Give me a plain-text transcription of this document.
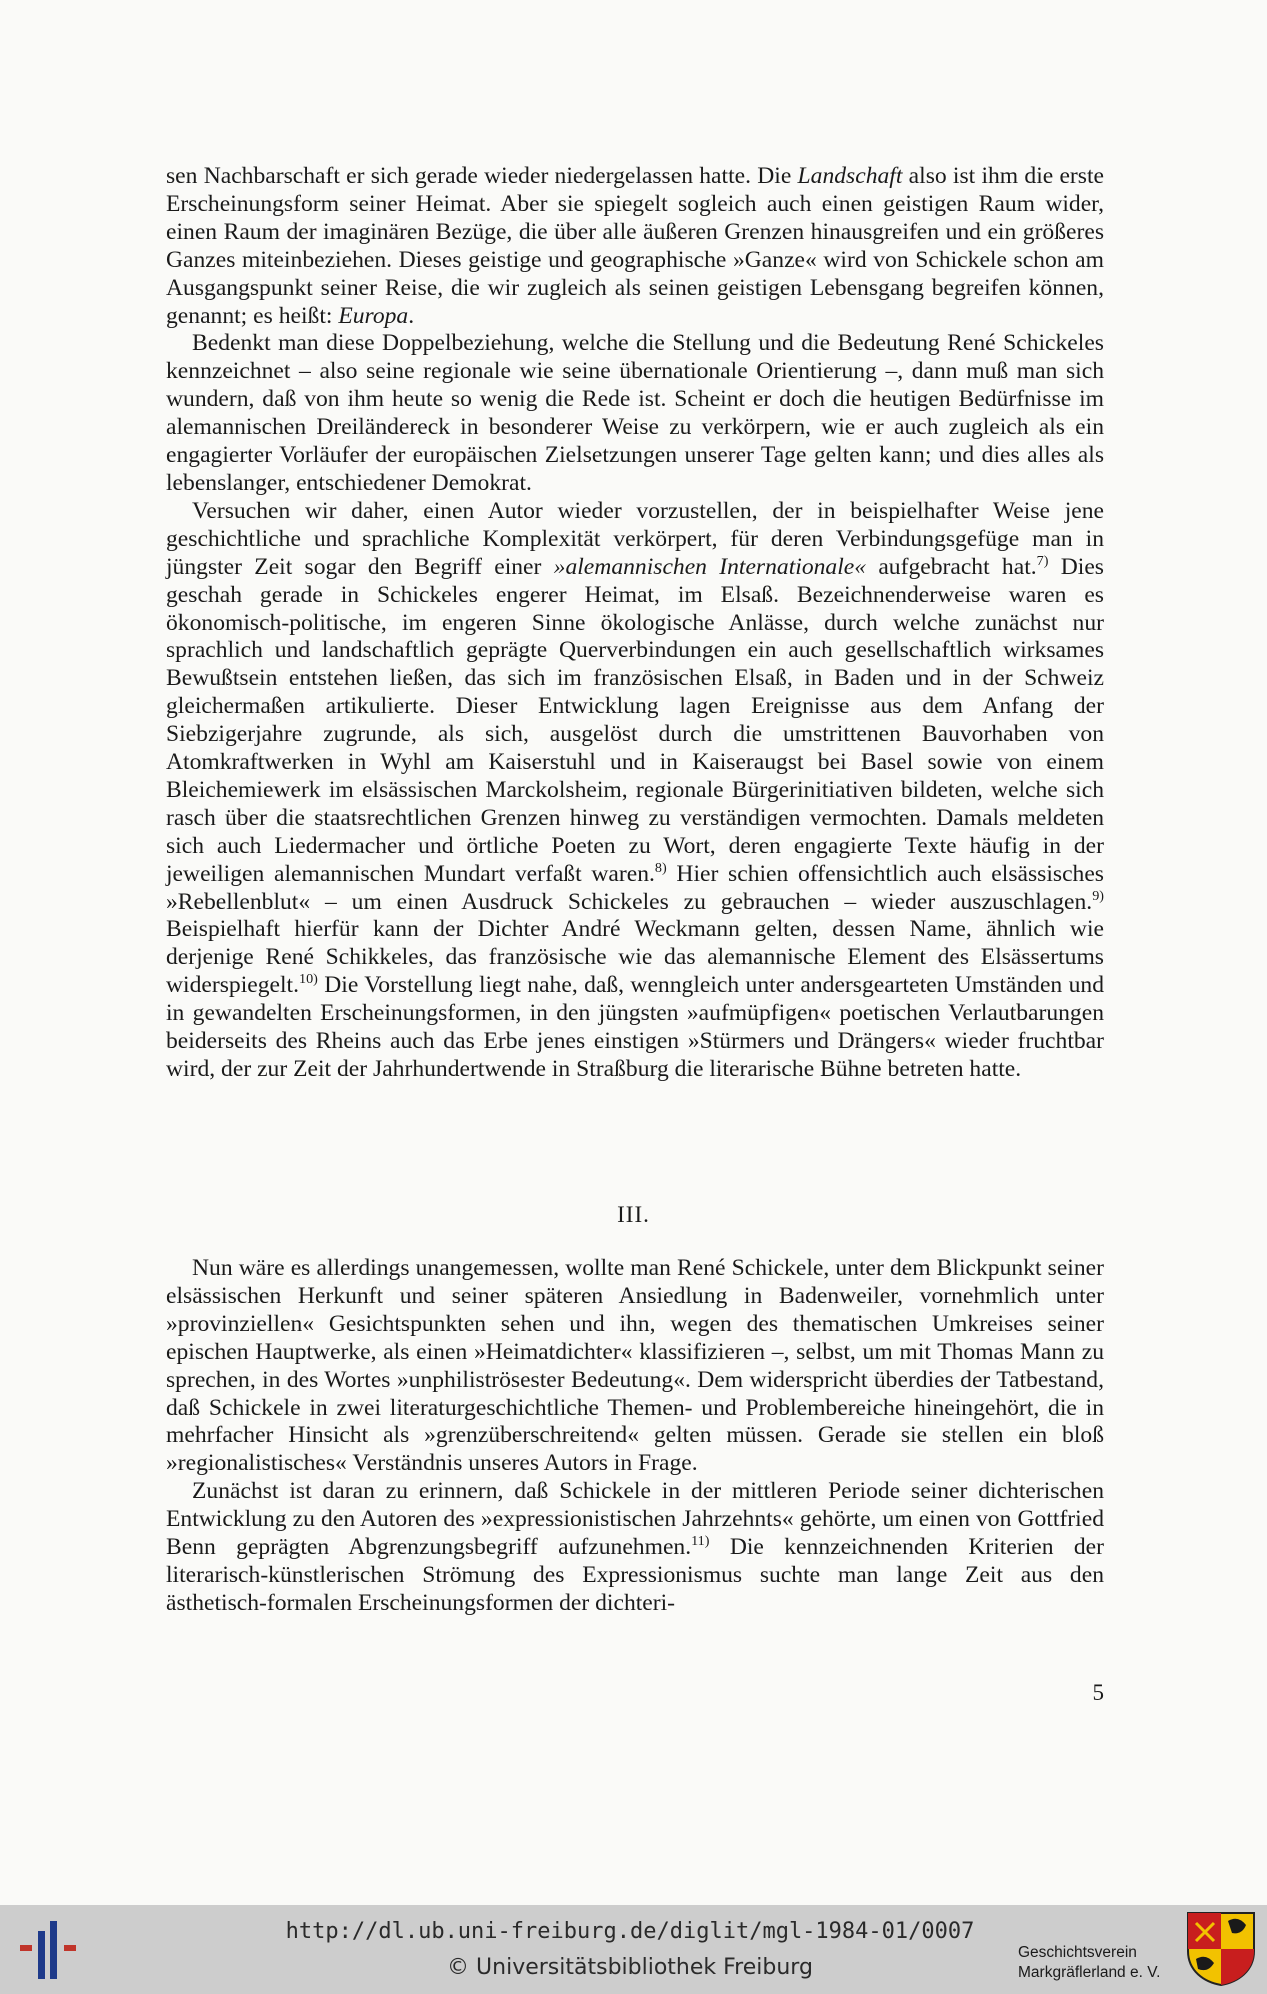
sen Nachbarschaft er sich gerade wieder niedergelassen hatte. Die Landschaft also ist ihm die erste Erscheinungsform seiner Heimat. Aber sie spiegelt sogleich auch einen geistigen Raum wider, einen Raum der imaginären Bezüge, die über alle äußeren Grenzen hinausgreifen und ein größeres Ganzes miteinbeziehen. Dieses geistige und geographische »Ganze« wird von Schickele schon am Ausgangspunkt seiner Reise, die wir zugleich als seinen geistigen Lebensgang begreifen können, genannt; es heißt: Europa.

Bedenkt man diese Doppelbeziehung, welche die Stellung und die Bedeutung René Schickeles kennzeichnet – also seine regionale wie seine übernationale Orientierung –, dann muß man sich wundern, daß von ihm heute so wenig die Rede ist. Scheint er doch die heutigen Bedürfnisse im alemannischen Dreiländereck in besonderer Weise zu verkörpern, wie er auch zugleich als ein engagierter Vorläufer der europäischen Zielsetzungen unserer Tage gelten kann; und dies alles als lebenslanger, entschiedener Demokrat.

Versuchen wir daher, einen Autor wieder vorzustellen, der in beispielhafter Weise jene geschichtliche und sprachliche Komplexität verkörpert, für deren Verbindungsgefüge man in jüngster Zeit sogar den Begriff einer »alemannischen Internationale« aufgebracht hat.$^{7)}$ Dies geschah gerade in Schickeles engerer Heimat, im Elsaß. Bezeichnenderweise waren es ökonomisch-politische, im engeren Sinne ökologische Anlässe, durch welche zunächst nur sprachlich und landschaftlich geprägte Querverbindungen ein auch gesellschaftlich wirksames Bewußtsein entstehen ließen, das sich im französischen Elsaß, in Baden und in der Schweiz gleichermaßen artikulierte. Dieser Entwicklung lagen Ereignisse aus dem Anfang der Siebzigerjahre zugrunde, als sich, ausgelöst durch die umstrittenen Bauvorhaben von Atomkraftwerken in Wyhl am Kaiserstuhl und in Kaiseraugst bei Basel sowie von einem Bleichemiewerk im elsässischen Marckolsheim, regionale Bürgerinitiativen bildeten, welche sich rasch über die staatsrechtlichen Grenzen hinweg zu verständigen vermochten. Damals meldeten sich auch Liedermacher und örtliche Poeten zu Wort, deren engagierte Texte häufig in der jeweiligen alemannischen Mundart verfaßt waren.$^{8)}$ Hier schien offensichtlich auch elsässisches »Rebellenblut« – um einen Ausdruck Schickeles zu gebrauchen – wieder auszuschlagen.$^{9)}$ Beispielhaft hierfür kann der Dichter André Weckmann gelten, dessen Name, ähnlich wie derjenige René Schikkeles, das französische wie das alemannische Element des Elsässertums widerspiegelt.$^{10)}$ Die Vorstellung liegt nahe, daß, wenngleich unter andersgearteten Umständen und in gewandelten Erscheinungsformen, in den jüngsten »aufmüpfigen« poetischen Verlautbarungen beiderseits des Rheins auch das Erbe jenes einstigen »Stürmers und Drängers« wieder fruchtbar wird, der zur Zeit der Jahrhundertwende in Straßburg die literarische Bühne betreten hatte.

III.

Nun wäre es allerdings unangemessen, wollte man René Schickele, unter dem Blickpunkt seiner elsässischen Herkunft und seiner späteren Ansiedlung in Badenweiler, vornehmlich unter »provinziellen« Gesichtspunkten sehen und ihn, wegen des thematischen Umkreises seiner epischen Hauptwerke, als einen »Heimatdichter« klassifizieren –, selbst, um mit Thomas Mann zu sprechen, in des Wortes »unphiliströsester Bedeutung«. Dem widerspricht überdies der Tatbestand, daß Schickele in zwei literaturgeschichtliche Themen- und Problembereiche hineingehört, die in mehrfacher Hinsicht als »grenzüberschreitend« gelten müssen. Gerade sie stellen ein bloß »regionalistisches« Verständnis unseres Autors in Frage.

Zunächst ist daran zu erinnern, daß Schickele in der mittleren Periode seiner dichterischen Entwicklung zu den Autoren des »expressionistischen Jahrzehnts« gehörte, um einen von Gottfried Benn geprägten Abgrenzungsbegriff aufzunehmen.$^{11)}$ Die kennzeichnenden Kriterien der literarisch-künstlerischen Strömung des Expressionismus suchte man lange Zeit aus den ästhetisch-formalen Erscheinungsformen der dichteri-

5
http://dl.ub.uni-freiburg.de/diglit/mgl-1984-01/0007
© Universitätsbibliothek Freiburg
Geschichtsverein
Markgräflerland e. V.
